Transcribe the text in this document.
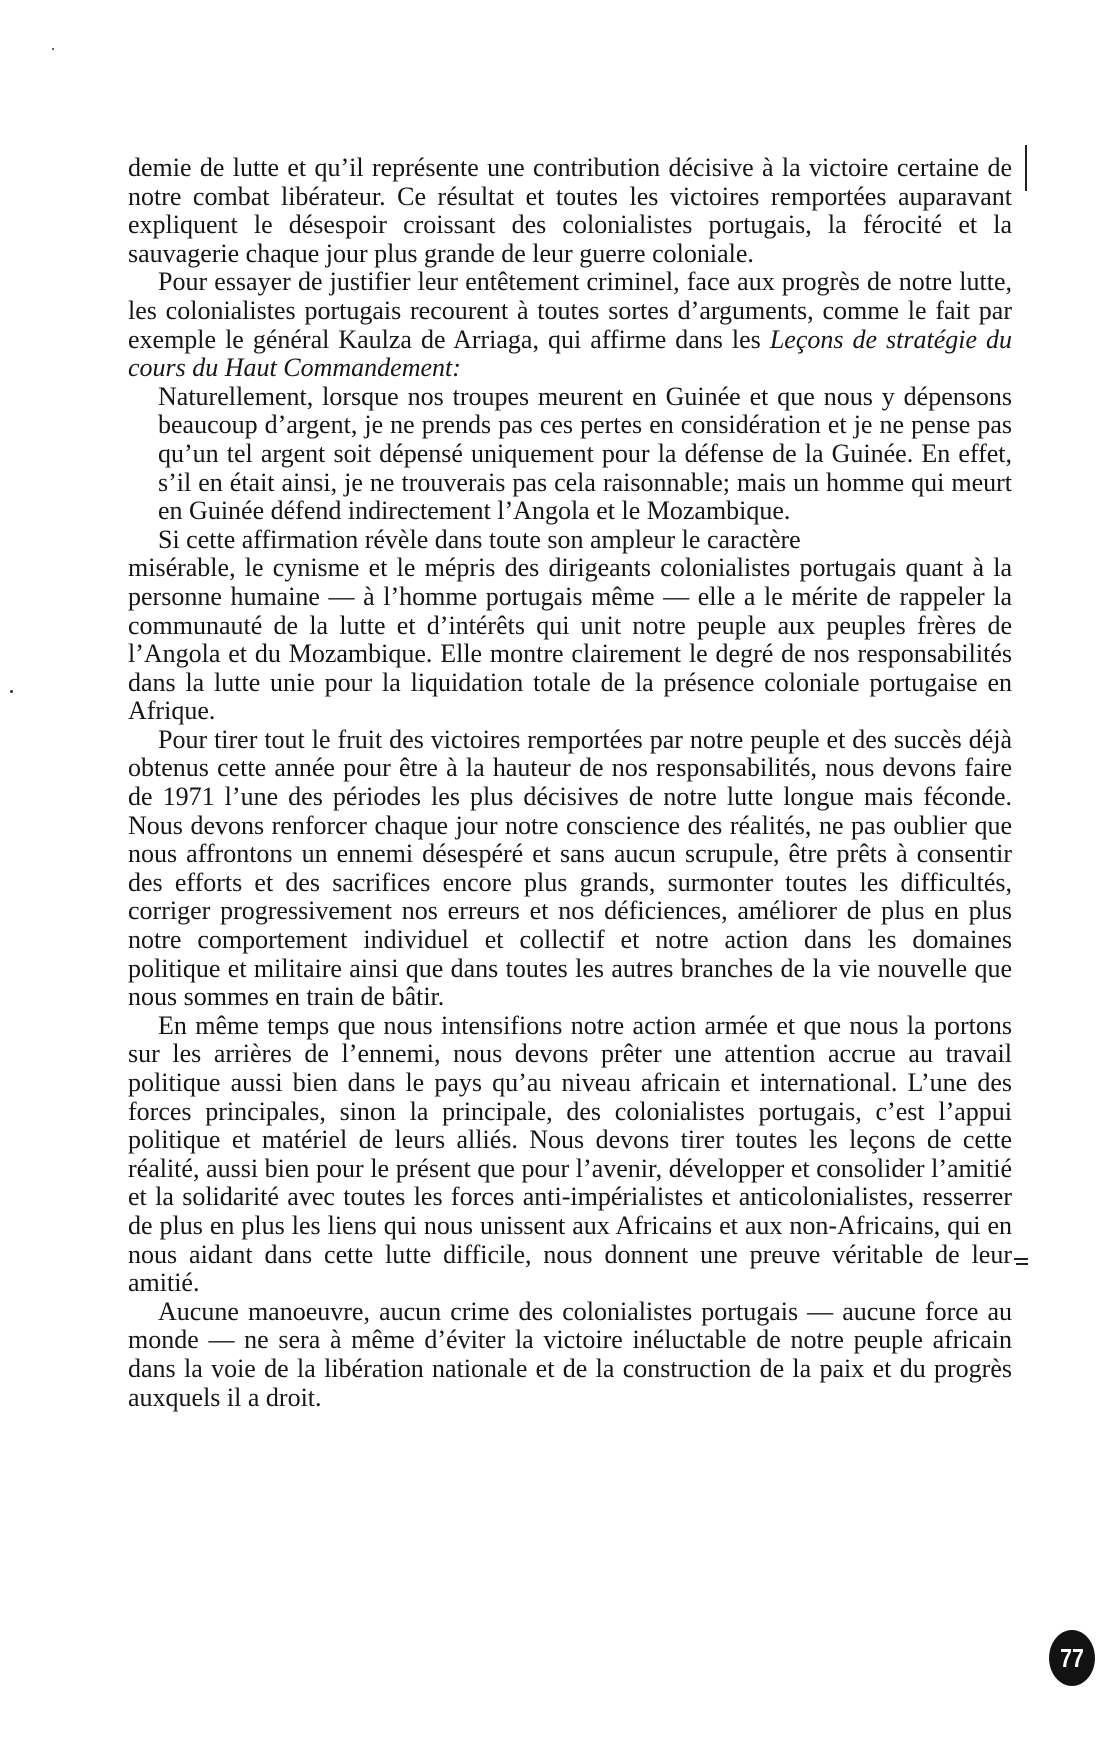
demie de lutte et qu’il représente une contribution décisive à la victoire certaine de notre combat libérateur. Ce résultat et toutes les victoires remportées auparavant expliquent le désespoir croissant des colonialistes portugais, la férocité et la sauvagerie chaque jour plus grande de leur guerre coloniale.

Pour essayer de justifier leur entêtement criminel, face aux progrès de notre lutte, les colonialistes portugais recourent à toutes sortes d’arguments, comme le fait par exemple le général Kaulza de Arriaga, qui affirme dans les Leçons de stratégie du cours du Haut Commandement:

Naturellement, lorsque nos troupes meurent en Guinée et que nous y dépensons beaucoup d’argent, je ne prends pas ces pertes en considération et je ne pense pas qu’un tel argent soit dépensé uniquement pour la défense de la Guinée. En effet, s’il en était ainsi, je ne trouverais pas cela raisonnable; mais un homme qui meurt en Guinée défend indirectement l’Angola et le Mozambique.

Si cette affirmation révèle dans toute son ampleur le caractère
misérable, le cynisme et le mépris des dirigeants colonialistes portugais quant à la personne humaine — à l’homme portugais même — elle a le mérite de rappeler la communauté de la lutte et d’intérêts qui unit notre peuple aux peuples frères de l’Angola et du Mozambique. Elle montre clairement le degré de nos responsabilités dans la lutte unie pour la liquidation totale de la présence coloniale portugaise en Afrique.

Pour tirer tout le fruit des victoires remportées par notre peuple et des succès déjà obtenus cette année pour être à la hauteur de nos responsabilités, nous devons faire de 1971 l’une des périodes les plus décisives de notre lutte longue mais féconde. Nous devons renforcer chaque jour notre conscience des réalités, ne pas oublier que nous affrontons un ennemi désespéré et sans aucun scrupule, être prêts à consentir des efforts et des sacrifices encore plus grands, surmonter toutes les difficultés, corriger progressivement nos erreurs et nos déficiences, améliorer de plus en plus notre comportement individuel et collectif et notre action dans les domaines politique et militaire ainsi que dans toutes les autres branches de la vie nouvelle que nous sommes en train de bâtir.

En même temps que nous intensifions notre action armée et que nous la portons sur les arrières de l’ennemi, nous devons prêter une attention accrue au travail politique aussi bien dans le pays qu’au niveau africain et international. L’une des forces principales, sinon la principale, des colonialistes portugais, c’est l’appui politique et matériel de leurs alliés. Nous devons tirer toutes les leçons de cette réalité, aussi bien pour le présent que pour l’avenir, développer et consolider l’amitié et la solidarité avec toutes les forces anti-impérialistes et anticolonialistes, resserrer de plus en plus les liens qui nous unissent aux Africains et aux non-Africains, qui en nous aidant dans cette lutte difficile, nous donnent une preuve véritable de leur amitié.

Aucune manoeuvre, aucun crime des colonialistes portugais — aucune force au monde — ne sera à même d’éviter la victoire inéluctable de notre peuple africain dans la voie de la libération nationale et de la construction de la paix et du progrès auxquels il a droit.

77
